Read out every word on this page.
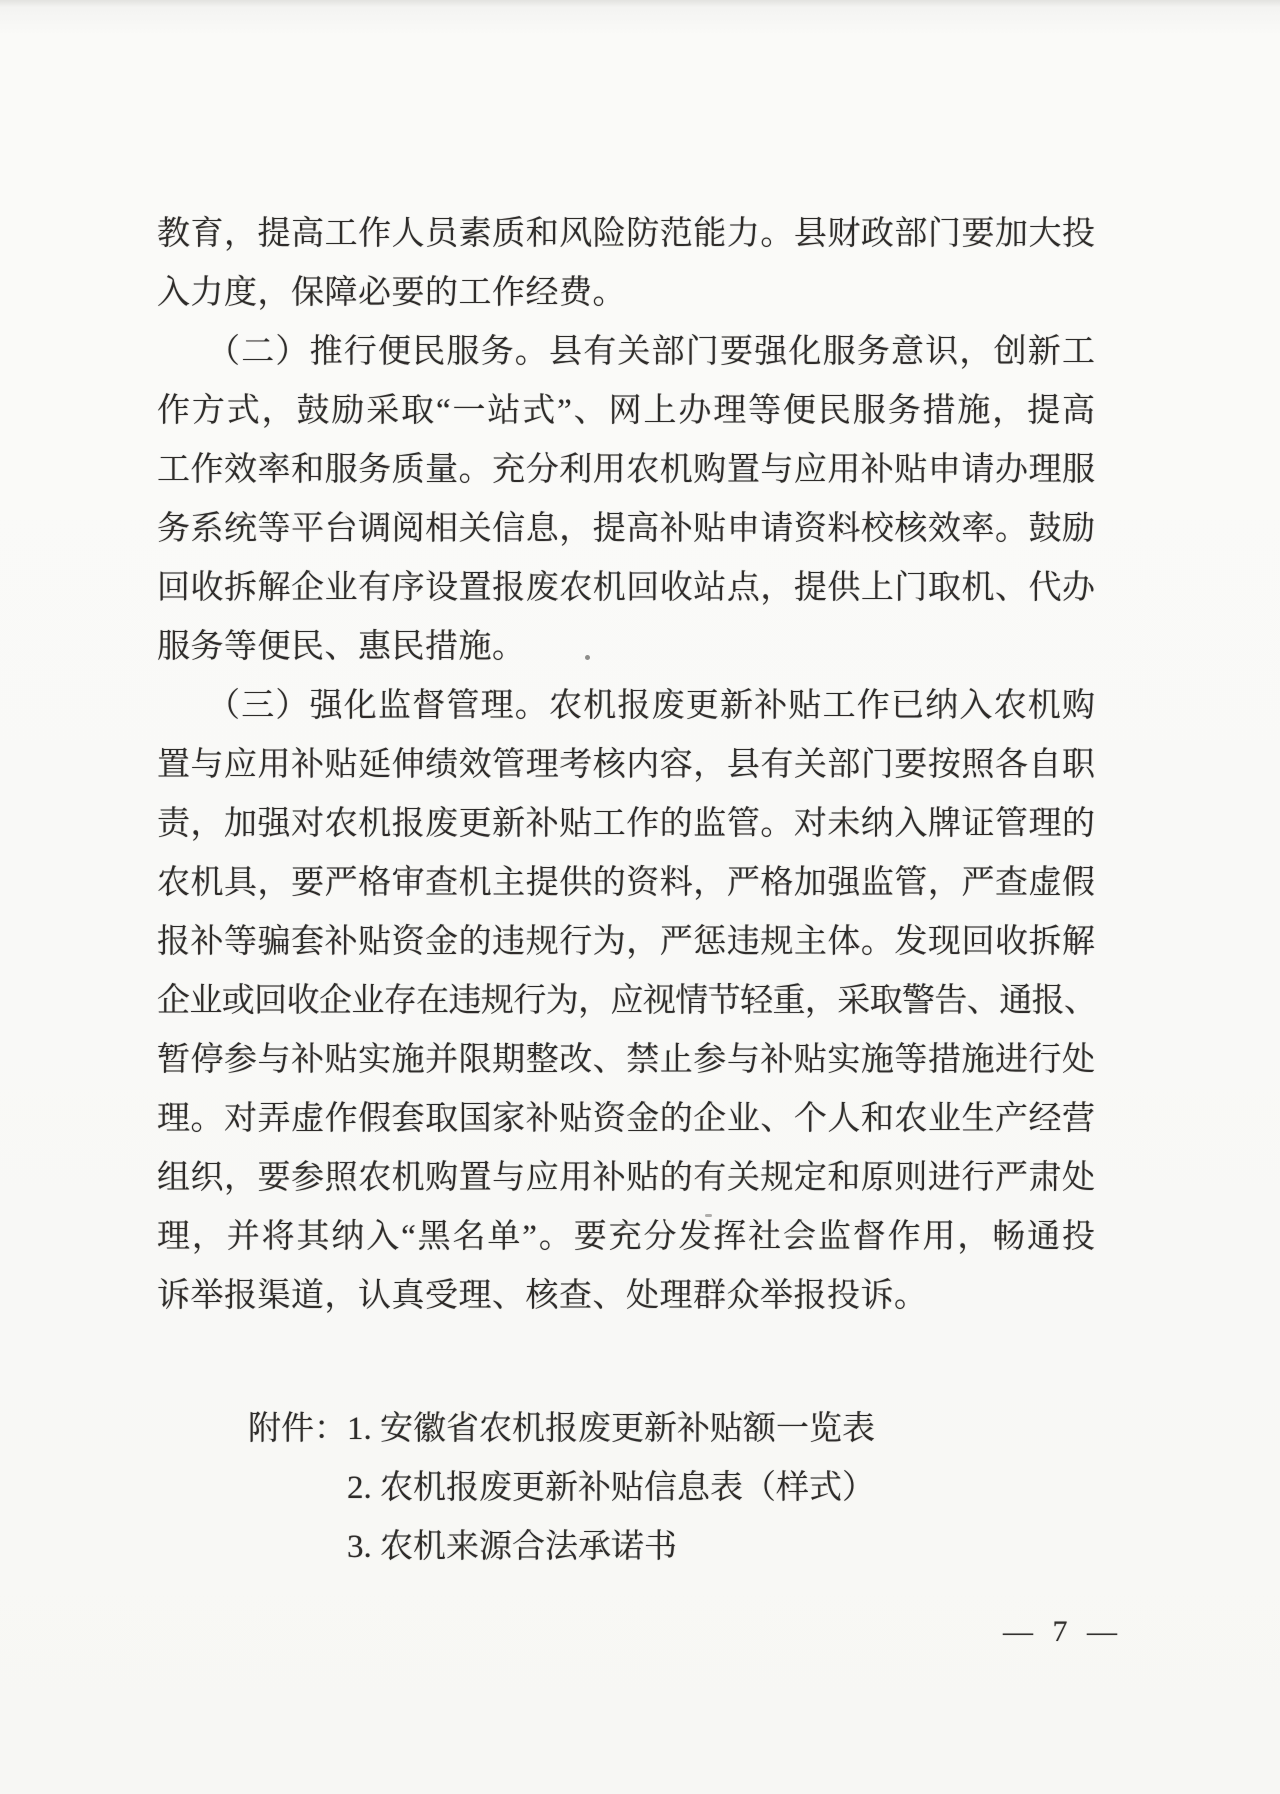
教育，提高工作人员素质和风险防范能力。县财政部门要加大投
入力度，保障必要的工作经费。
（二）推行便民服务。县有关部门要强化服务意识，创新工
作方式，鼓励采取“一站式”、网上办理等便民服务措施，提高
工作效率和服务质量。充分利用农机购置与应用补贴申请办理服
务系统等平台调阅相关信息，提高补贴申请资料校核效率。鼓励
回收拆解企业有序设置报废农机回收站点，提供上门取机、代办
服务等便民、惠民措施。
（三）强化监督管理。农机报废更新补贴工作已纳入农机购
置与应用补贴延伸绩效管理考核内容，县有关部门要按照各自职
责，加强对农机报废更新补贴工作的监管。对未纳入牌证管理的
农机具，要严格审查机主提供的资料，严格加强监管，严查虚假
报补等骗套补贴资金的违规行为，严惩违规主体。发现回收拆解
企业或回收企业存在违规行为，应视情节轻重，采取警告、通报、
暂停参与补贴实施并限期整改、禁止参与补贴实施等措施进行处
理。对弄虚作假套取国家补贴资金的企业、个人和农业生产经营
组织，要参照农机购置与应用补贴的有关规定和原则进行严肃处
理，并将其纳入“黑名单”。要充分发挥社会监督作用，畅通投
诉举报渠道，认真受理、核查、处理群众举报投诉。
附件：1. 安徽省农机报废更新补贴额一览表
2. 农机报废更新补贴信息表（样式）
3. 农机来源合法承诺书
— 7 —
